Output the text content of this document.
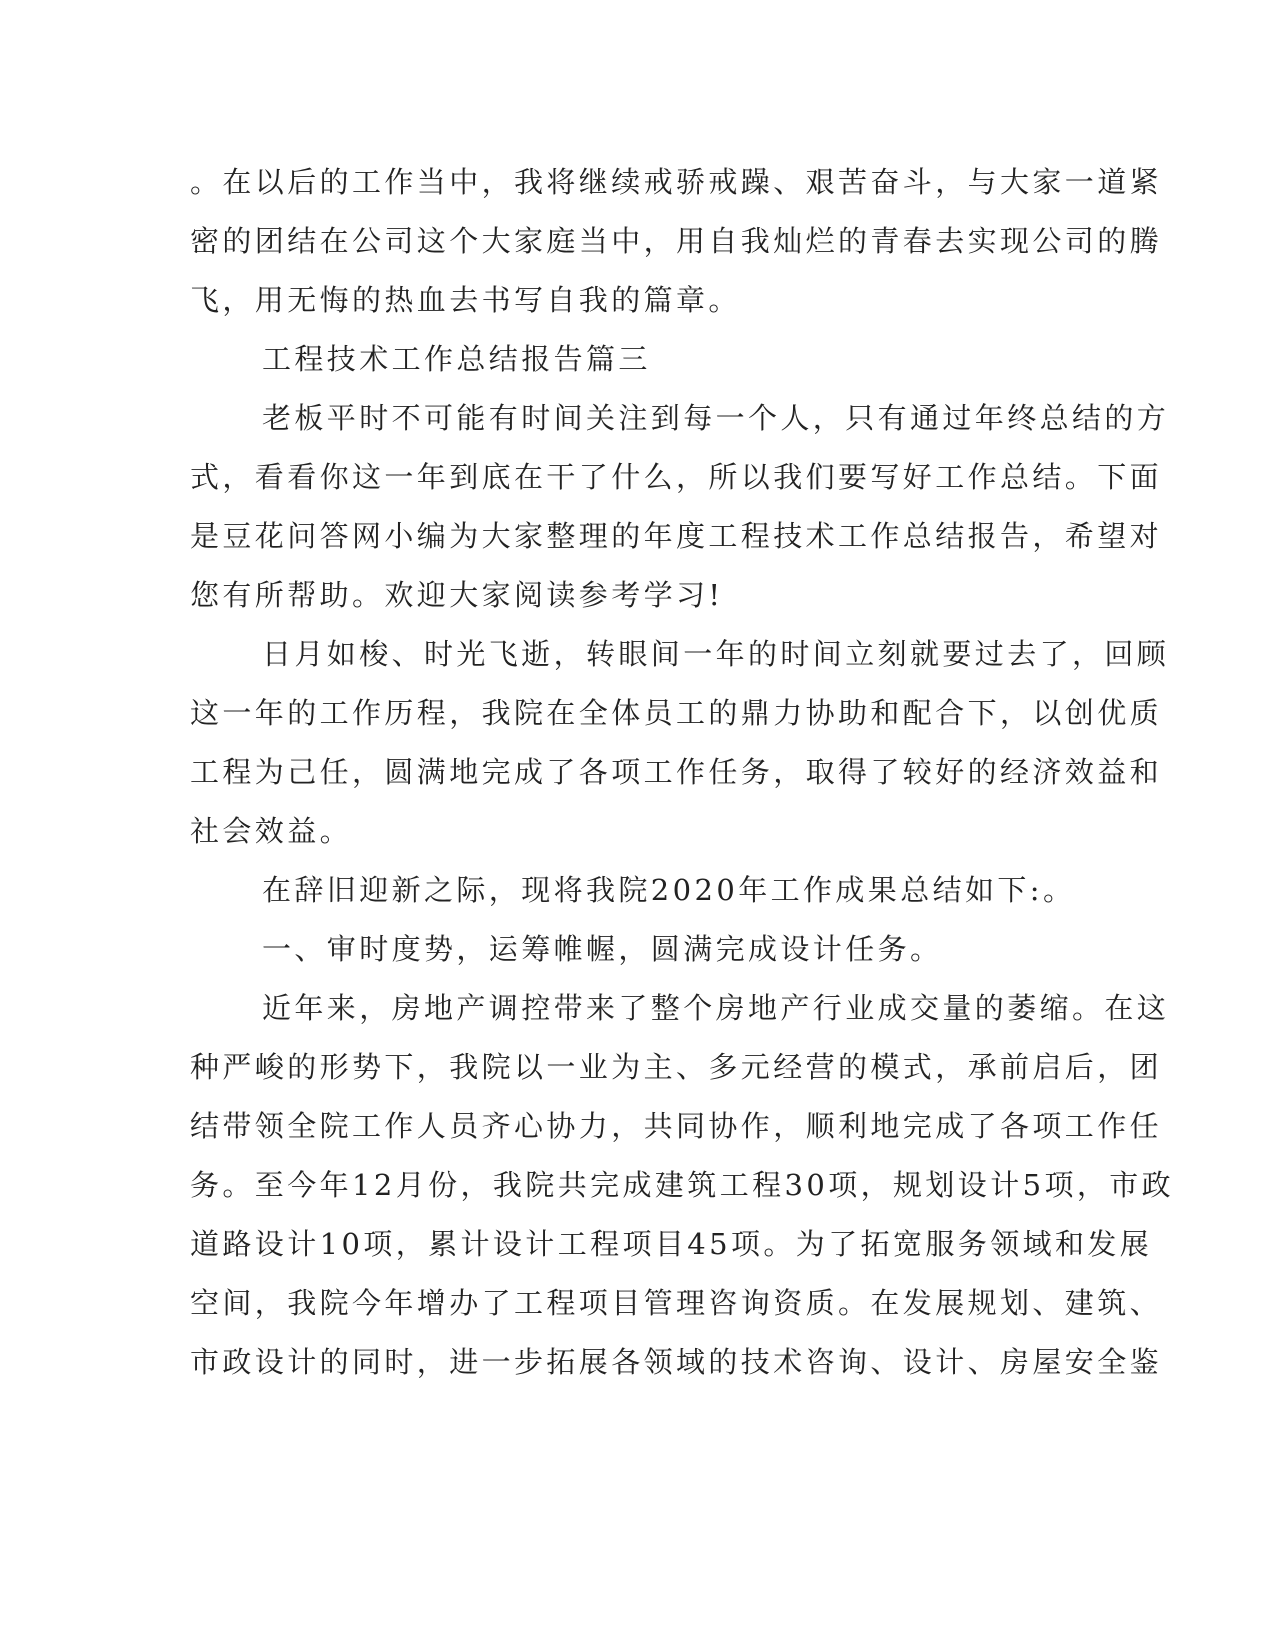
。在以后的工作当中，我将继续戒骄戒躁、艰苦奋斗，与大家一道紧

密的团结在公司这个大家庭当中，用自我灿烂的青春去实现公司的腾

飞，用无悔的热血去书写自我的篇章。

工程技术工作总结报告篇三

老板平时不可能有时间关注到每一个人，只有通过年终总结的方

式，看看你这一年到底在干了什么，所以我们要写好工作总结。下面

是豆花问答网小编为大家整理的年度工程技术工作总结报告，希望对

您有所帮助。欢迎大家阅读参考学习!

日月如梭、时光飞逝，转眼间一年的时间立刻就要过去了，回顾

这一年的工作历程，我院在全体员工的鼎力协助和配合下，以创优质

工程为己任，圆满地完成了各项工作任务，取得了较好的经济效益和

社会效益。

在辞旧迎新之际，现将我院2020年工作成果总结如下:。

一、审时度势，运筹帷幄，圆满完成设计任务。

近年来，房地产调控带来了整个房地产行业成交量的萎缩。在这

种严峻的形势下，我院以一业为主、多元经营的模式，承前启后，团

结带领全院工作人员齐心协力，共同协作，顺利地完成了各项工作任

务。至今年12月份，我院共完成建筑工程30项，规划设计5项，市政

道路设计10项，累计设计工程项目45项。为了拓宽服务领域和发展

空间，我院今年增办了工程项目管理咨询资质。在发展规划、建筑、

市政设计的同时，进一步拓展各领域的技术咨询、设计、房屋安全鉴
